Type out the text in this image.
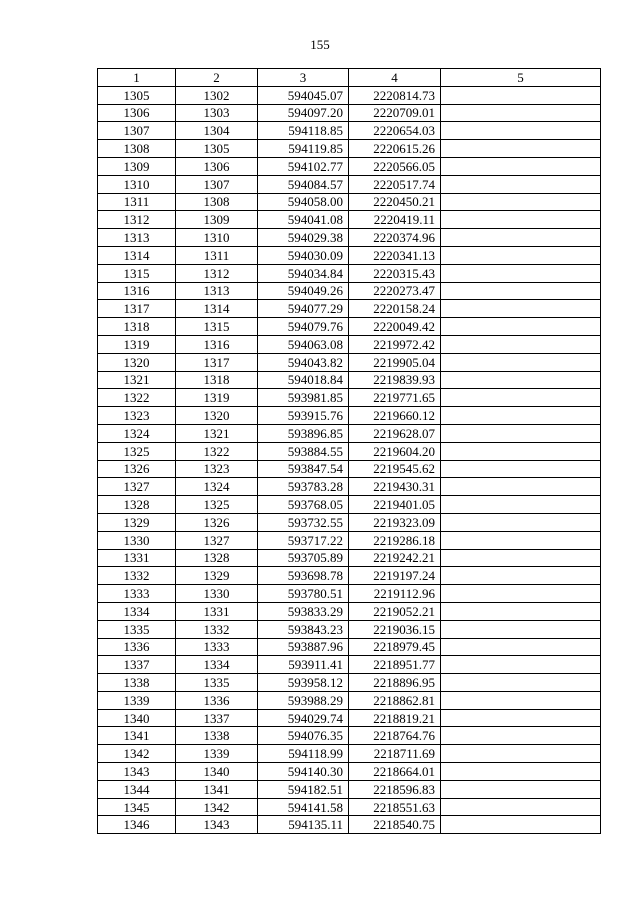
155
1	2	3	4	5
1305	1302	594045.07	2220814.73	
1306	1303	594097.20	2220709.01	
1307	1304	594118.85	2220654.03	
1308	1305	594119.85	2220615.26	
1309	1306	594102.77	2220566.05	
1310	1307	594084.57	2220517.74	
1311	1308	594058.00	2220450.21	
1312	1309	594041.08	2220419.11	
1313	1310	594029.38	2220374.96	
1314	1311	594030.09	2220341.13	
1315	1312	594034.84	2220315.43	
1316	1313	594049.26	2220273.47	
1317	1314	594077.29	2220158.24	
1318	1315	594079.76	2220049.42	
1319	1316	594063.08	2219972.42	
1320	1317	594043.82	2219905.04	
1321	1318	594018.84	2219839.93	
1322	1319	593981.85	2219771.65	
1323	1320	593915.76	2219660.12	
1324	1321	593896.85	2219628.07	
1325	1322	593884.55	2219604.20	
1326	1323	593847.54	2219545.62	
1327	1324	593783.28	2219430.31	
1328	1325	593768.05	2219401.05	
1329	1326	593732.55	2219323.09	
1330	1327	593717.22	2219286.18	
1331	1328	593705.89	2219242.21	
1332	1329	593698.78	2219197.24	
1333	1330	593780.51	2219112.96	
1334	1331	593833.29	2219052.21	
1335	1332	593843.23	2219036.15	
1336	1333	593887.96	2218979.45	
1337	1334	593911.41	2218951.77	
1338	1335	593958.12	2218896.95	
1339	1336	593988.29	2218862.81	
1340	1337	594029.74	2218819.21	
1341	1338	594076.35	2218764.76	
1342	1339	594118.99	2218711.69	
1343	1340	594140.30	2218664.01	
1344	1341	594182.51	2218596.83	
1345	1342	594141.58	2218551.63	
1346	1343	594135.11	2218540.75	
